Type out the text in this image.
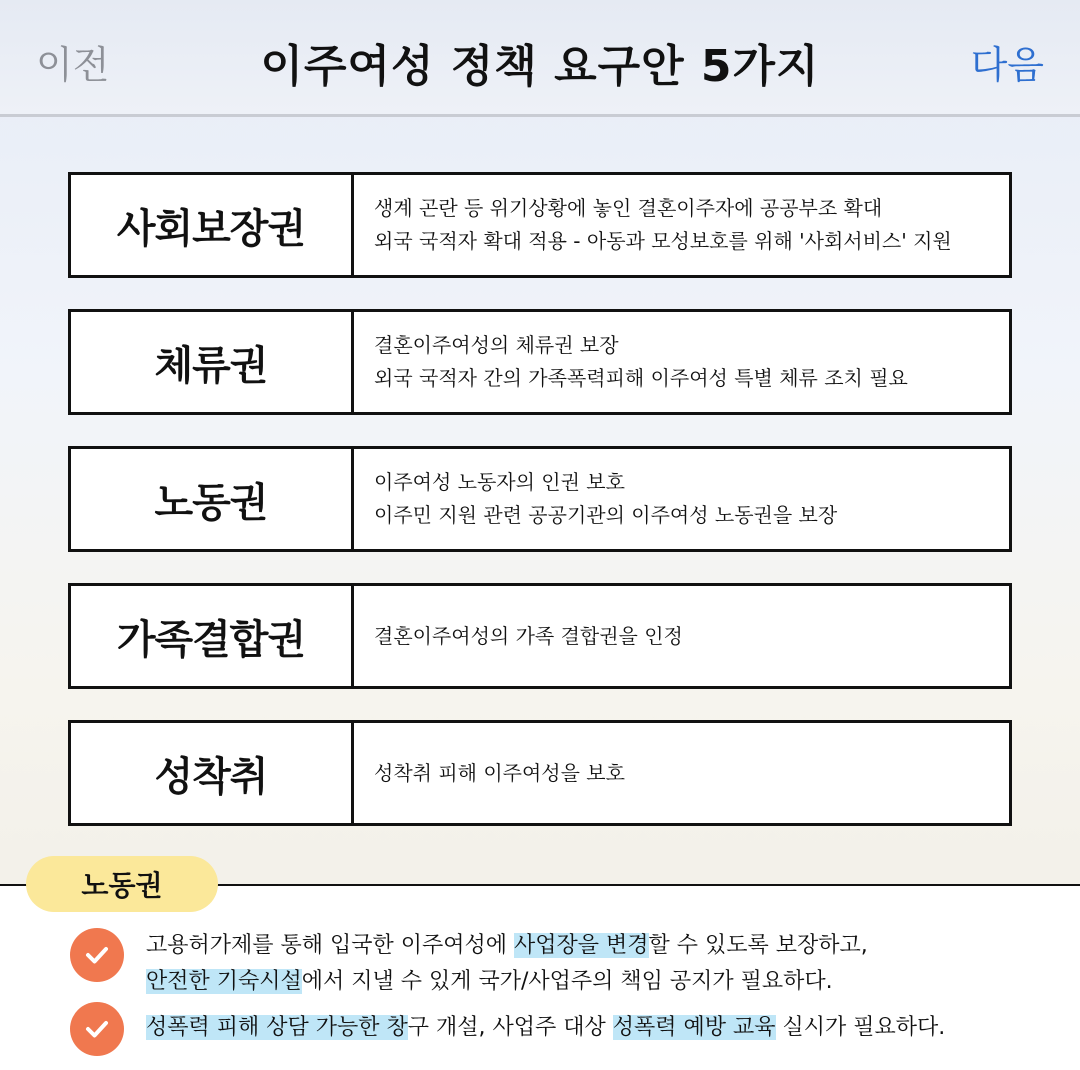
이전	이주여성 정책 요구안 5가지	다음
사회보장권	생계 곤란 등 위기상황에 놓인 결혼이주자에 공공부조 확대
외국 국적자 확대 적용 - 아동과 모성보호를 위해 '사회서비스' 지원
체류권	결혼이주여성의 체류권 보장
외국 국적자 간의 가족폭력피해 이주여성 특별 체류 조치 필요
노동권	이주여성 노동자의 인권 보호
이주민 지원 관련 공공기관의 이주여성 노동권을 보장
가족결합권	결혼이주여성의 가족 결합권을 인정
성착취	성착취 피해 이주여성을 보호
노동권
고용허가제를 통해 입국한 이주여성에 사업장을 변경할 수 있도록 보장하고,
안전한 기숙시설에서 지낼 수 있게 국가/사업주의 책임 공지가 필요하다.
성폭력 피해 상담 가능한 창구 개설, 사업주 대상 성폭력 예방 교육 실시가 필요하다.
